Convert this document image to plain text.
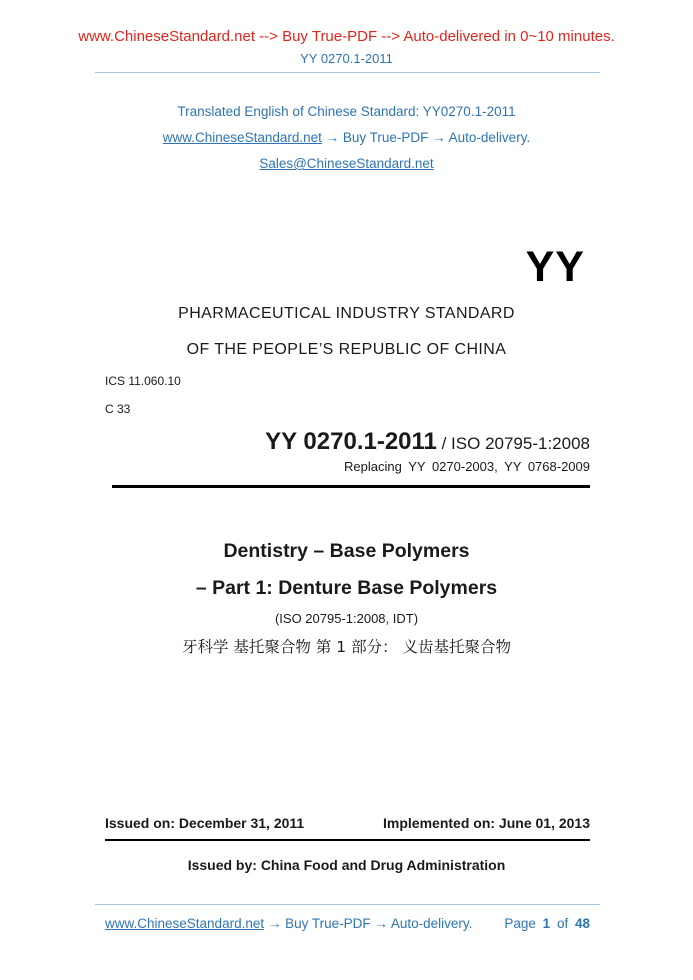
www.ChineseStandard.net --> Buy True-PDF --> Auto-delivered in 0~10 minutes.
YY 0270.1-2011
Translated English of Chinese Standard: YY0270.1-2011
www.ChineseStandard.net → Buy True-PDF → Auto-delivery.
Sales@ChineseStandard.net
YY
PHARMACEUTICAL INDUSTRY STANDARD
OF THE PEOPLE’S REPUBLIC OF CHINA
ICS 11.060.10
C 33
YY 0270.1-2011 / ISO 20795-1:2008
Replacing YY 0270-2003, YY 0768-2009
Dentistry – Base Polymers
– Part 1: Denture Base Polymers
(ISO 20795-1:2008, IDT)
牙科学 基托聚合物 第 1 部分： 义齿基托聚合物
Issued on: December 31, 2011	Implemented on: June 01, 2013
Issued by: China Food and Drug Administration
www.ChineseStandard.net → Buy True-PDF → Auto-delivery. Page 1 of 48
